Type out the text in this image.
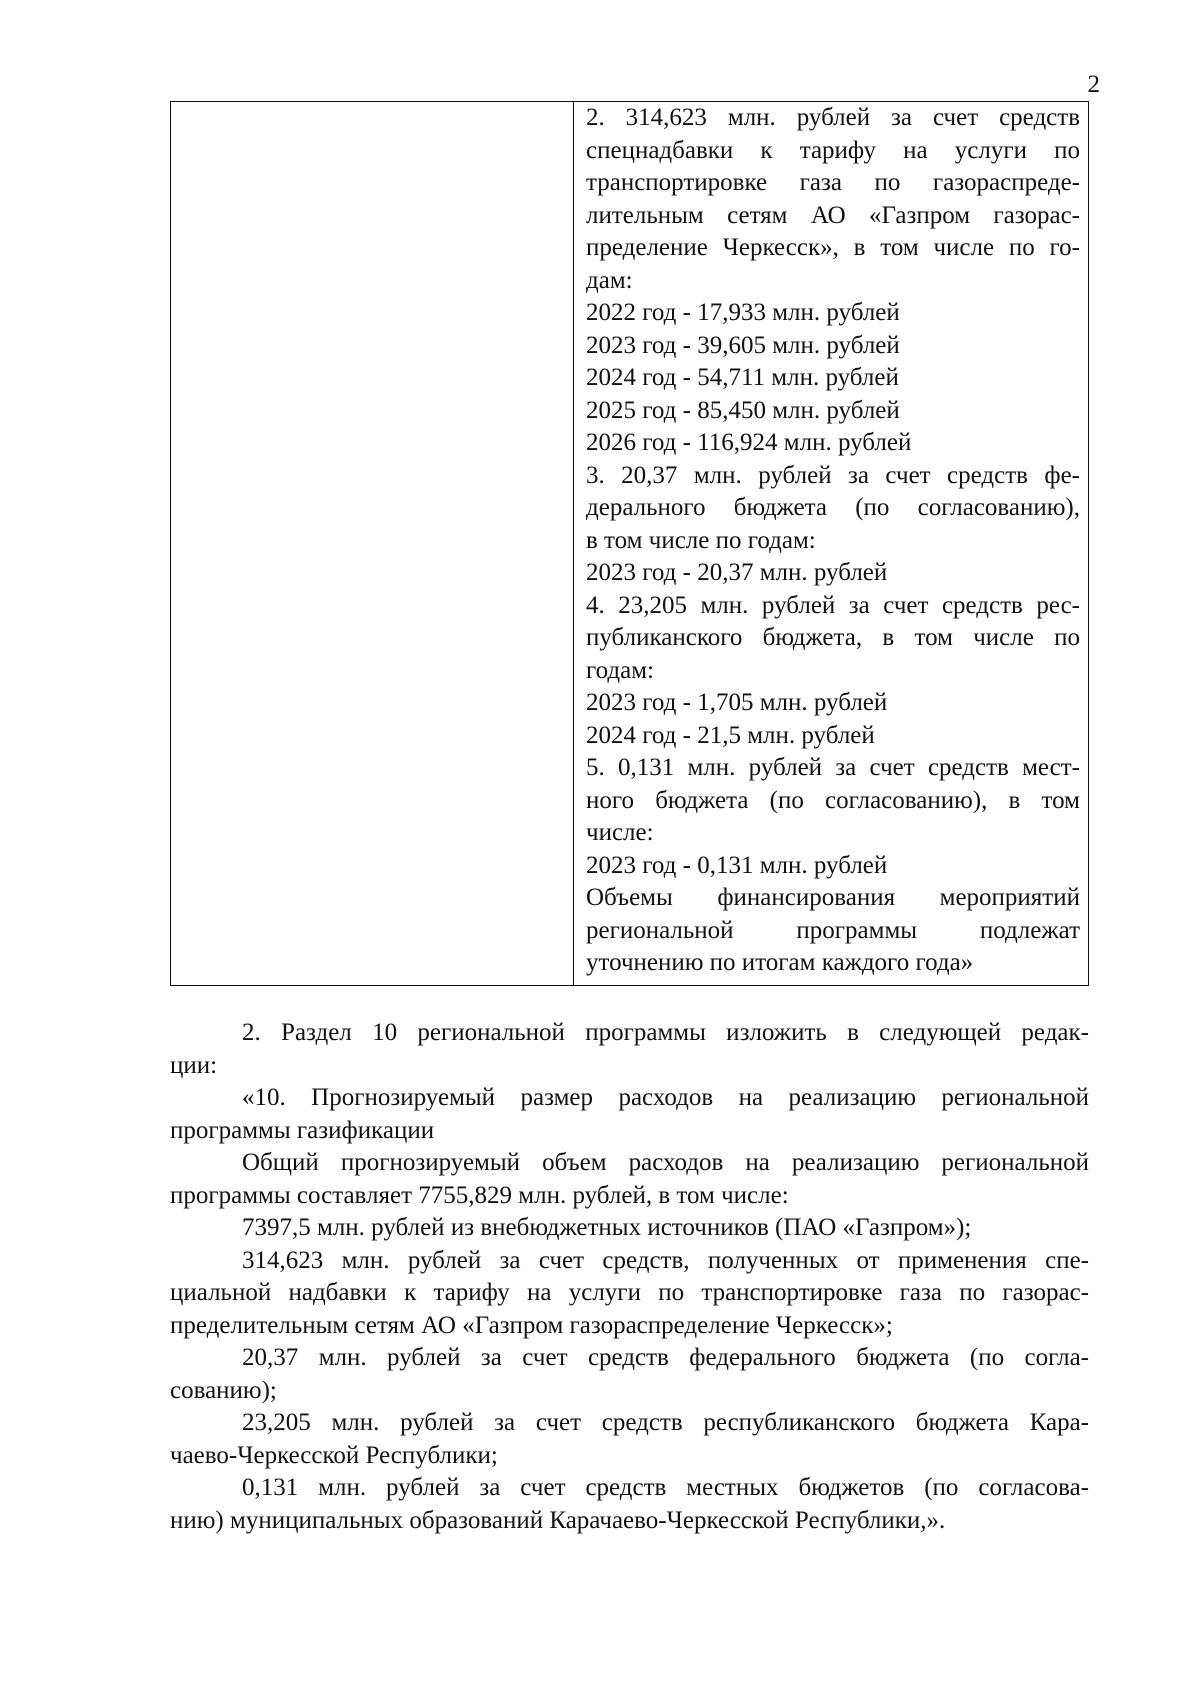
2
2. 314,623 млн. рублей за счет средств
спецнадбавки к тарифу на услуги по
транспортировке газа по газораспреде-
лительным сетям АО «Газпром газорас-
пределение Черкесск», в том числе по го-
дам:
2022 год - 17,933 млн. рублей
2023 год - 39,605 млн. рублей
2024 год - 54,711 млн. рублей
2025 год - 85,450 млн. рублей
2026 год - 116,924 млн. рублей
3. 20,37 млн. рублей за счет средств фе-
дерального бюджета (по согласованию),
в том числе по годам:
2023 год - 20,37 млн. рублей
4. 23,205 млн. рублей за счет средств рес-
публиканского бюджета, в том числе по
годам:
2023 год - 1,705 млн. рублей
2024 год - 21,5 млн. рублей
5. 0,131 млн. рублей за счет средств мест-
ного бюджета (по согласованию), в том
числе:
2023 год - 0,131 млн. рублей
Объемы финансирования мероприятий
региональной программы подлежат
уточнению по итогам каждого года»
2. Раздел 10 региональной программы изложить в следующей редак-
ции:
«10. Прогнозируемый размер расходов на реализацию региональной
программы газификации
Общий прогнозируемый объем расходов на реализацию региональной
программы составляет 7755,829 млн. рублей, в том числе:
7397,5 млн. рублей из внебюджетных источников (ПАО «Газпром»);
314,623 млн. рублей за счет средств, полученных от применения спе-
циальной надбавки к тарифу на услуги по транспортировке газа по газорас-
пределительным сетям АО «Газпром газораспределение Черкесск»;
20,37 млн. рублей за счет средств федерального бюджета (по согла-
сованию);
23,205 млн. рублей за счет средств республиканского бюджета Кара-
чаево-Черкесской Республики;
0,131 млн. рублей за счет средств местных бюджетов (по согласова-
нию) муниципальных образований Карачаево-Черкесской Республики,».
